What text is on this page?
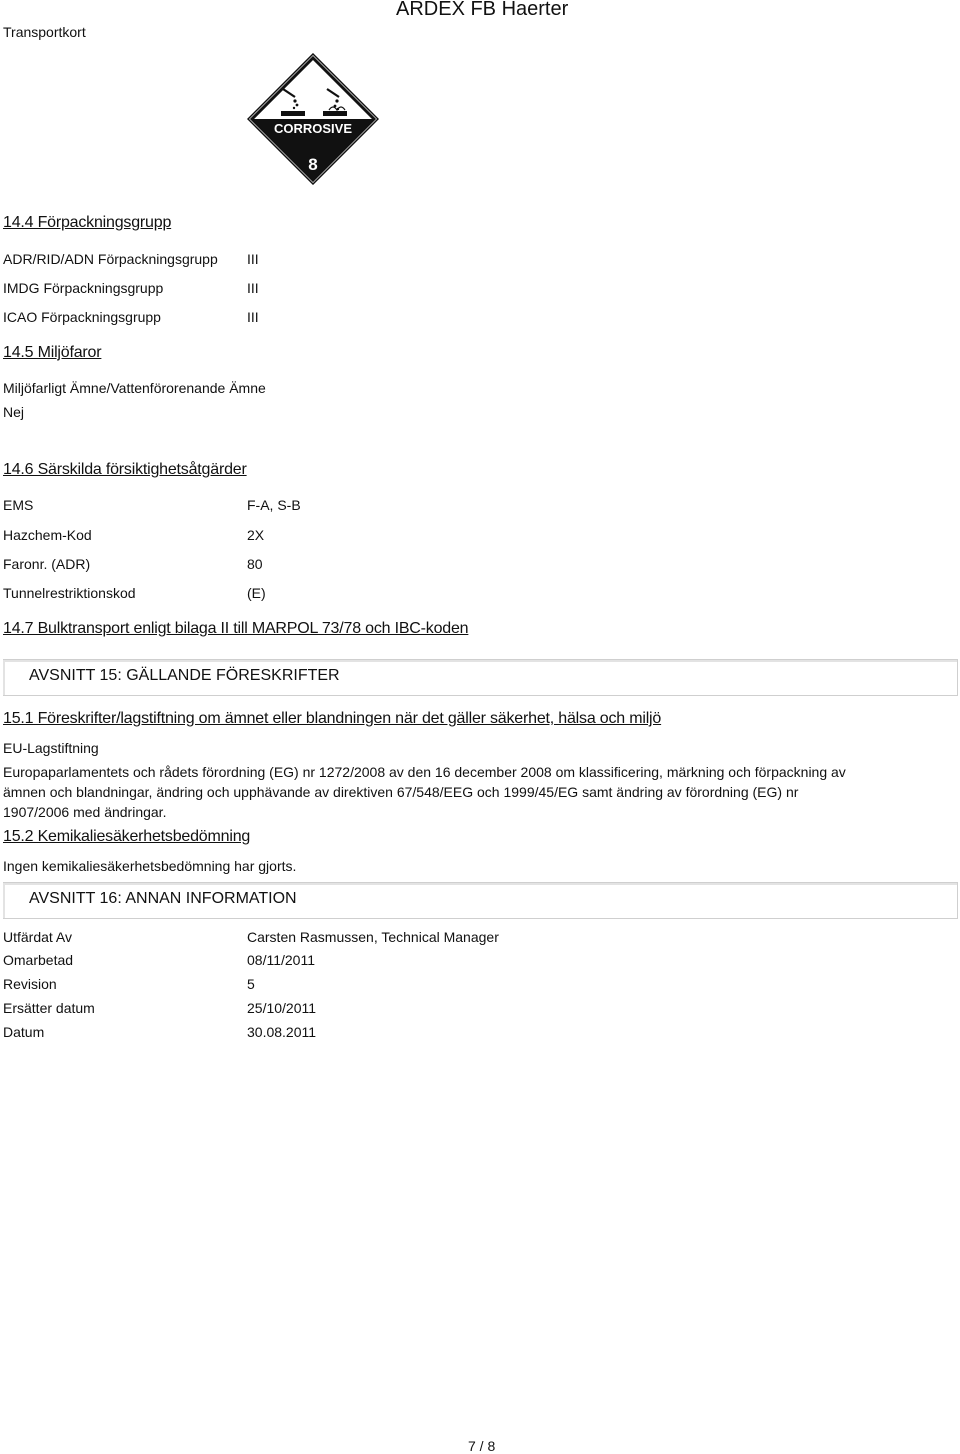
Transportkort
ARDEX FB Haerter
CORROSIVE
8
14.4 Förpackningsgrupp
ADR/RID/ADN Förpackningsgrupp III
IMDG Förpackningsgrupp	III
ICAO Förpackningsgrupp	III
14.5 Miljöfaror
Miljöfarligt Ämne/Vattenförorenande Ämne
Nej
14.6 Särskilda försiktighetsåtgärder
EMS	F-A, S-B
Hazchem-Kod	2X
Faronr. (ADR)	80
Tunnelrestriktionskod	(E)
14.7 Bulktransport enligt bilaga II till MARPOL 73/78 och IBC-koden
AVSNITT 15: GÄLLANDE FÖRESKRIFTER
15.1 Föreskrifter/lagstiftning om ämnet eller blandningen när det gäller säkerhet, hälsa och miljö
EU-Lagstiftning
Europaparlamentets och rådets förordning (EG) nr 1272/2008 av den 16 december 2008 om klassificering, märkning och förpackning av
ämnen och blandningar, ändring och upphävande av direktiven 67/548/EEG och 1999/45/EG samt ändring av förordning (EG) nr
1907/2006 med ändringar.
15.2 Kemikaliesäkerhetsbedömning
Ingen kemikaliesäkerhetsbedömning har gjorts.
AVSNITT 16: ANNAN INFORMATION
Utfärdat Av	Carsten Rasmussen, Technical Manager
Omarbetad	08/11/2011
Revision	5
Ersätter datum	25/10/2011
Datum	30.08.2011
7 / 8
